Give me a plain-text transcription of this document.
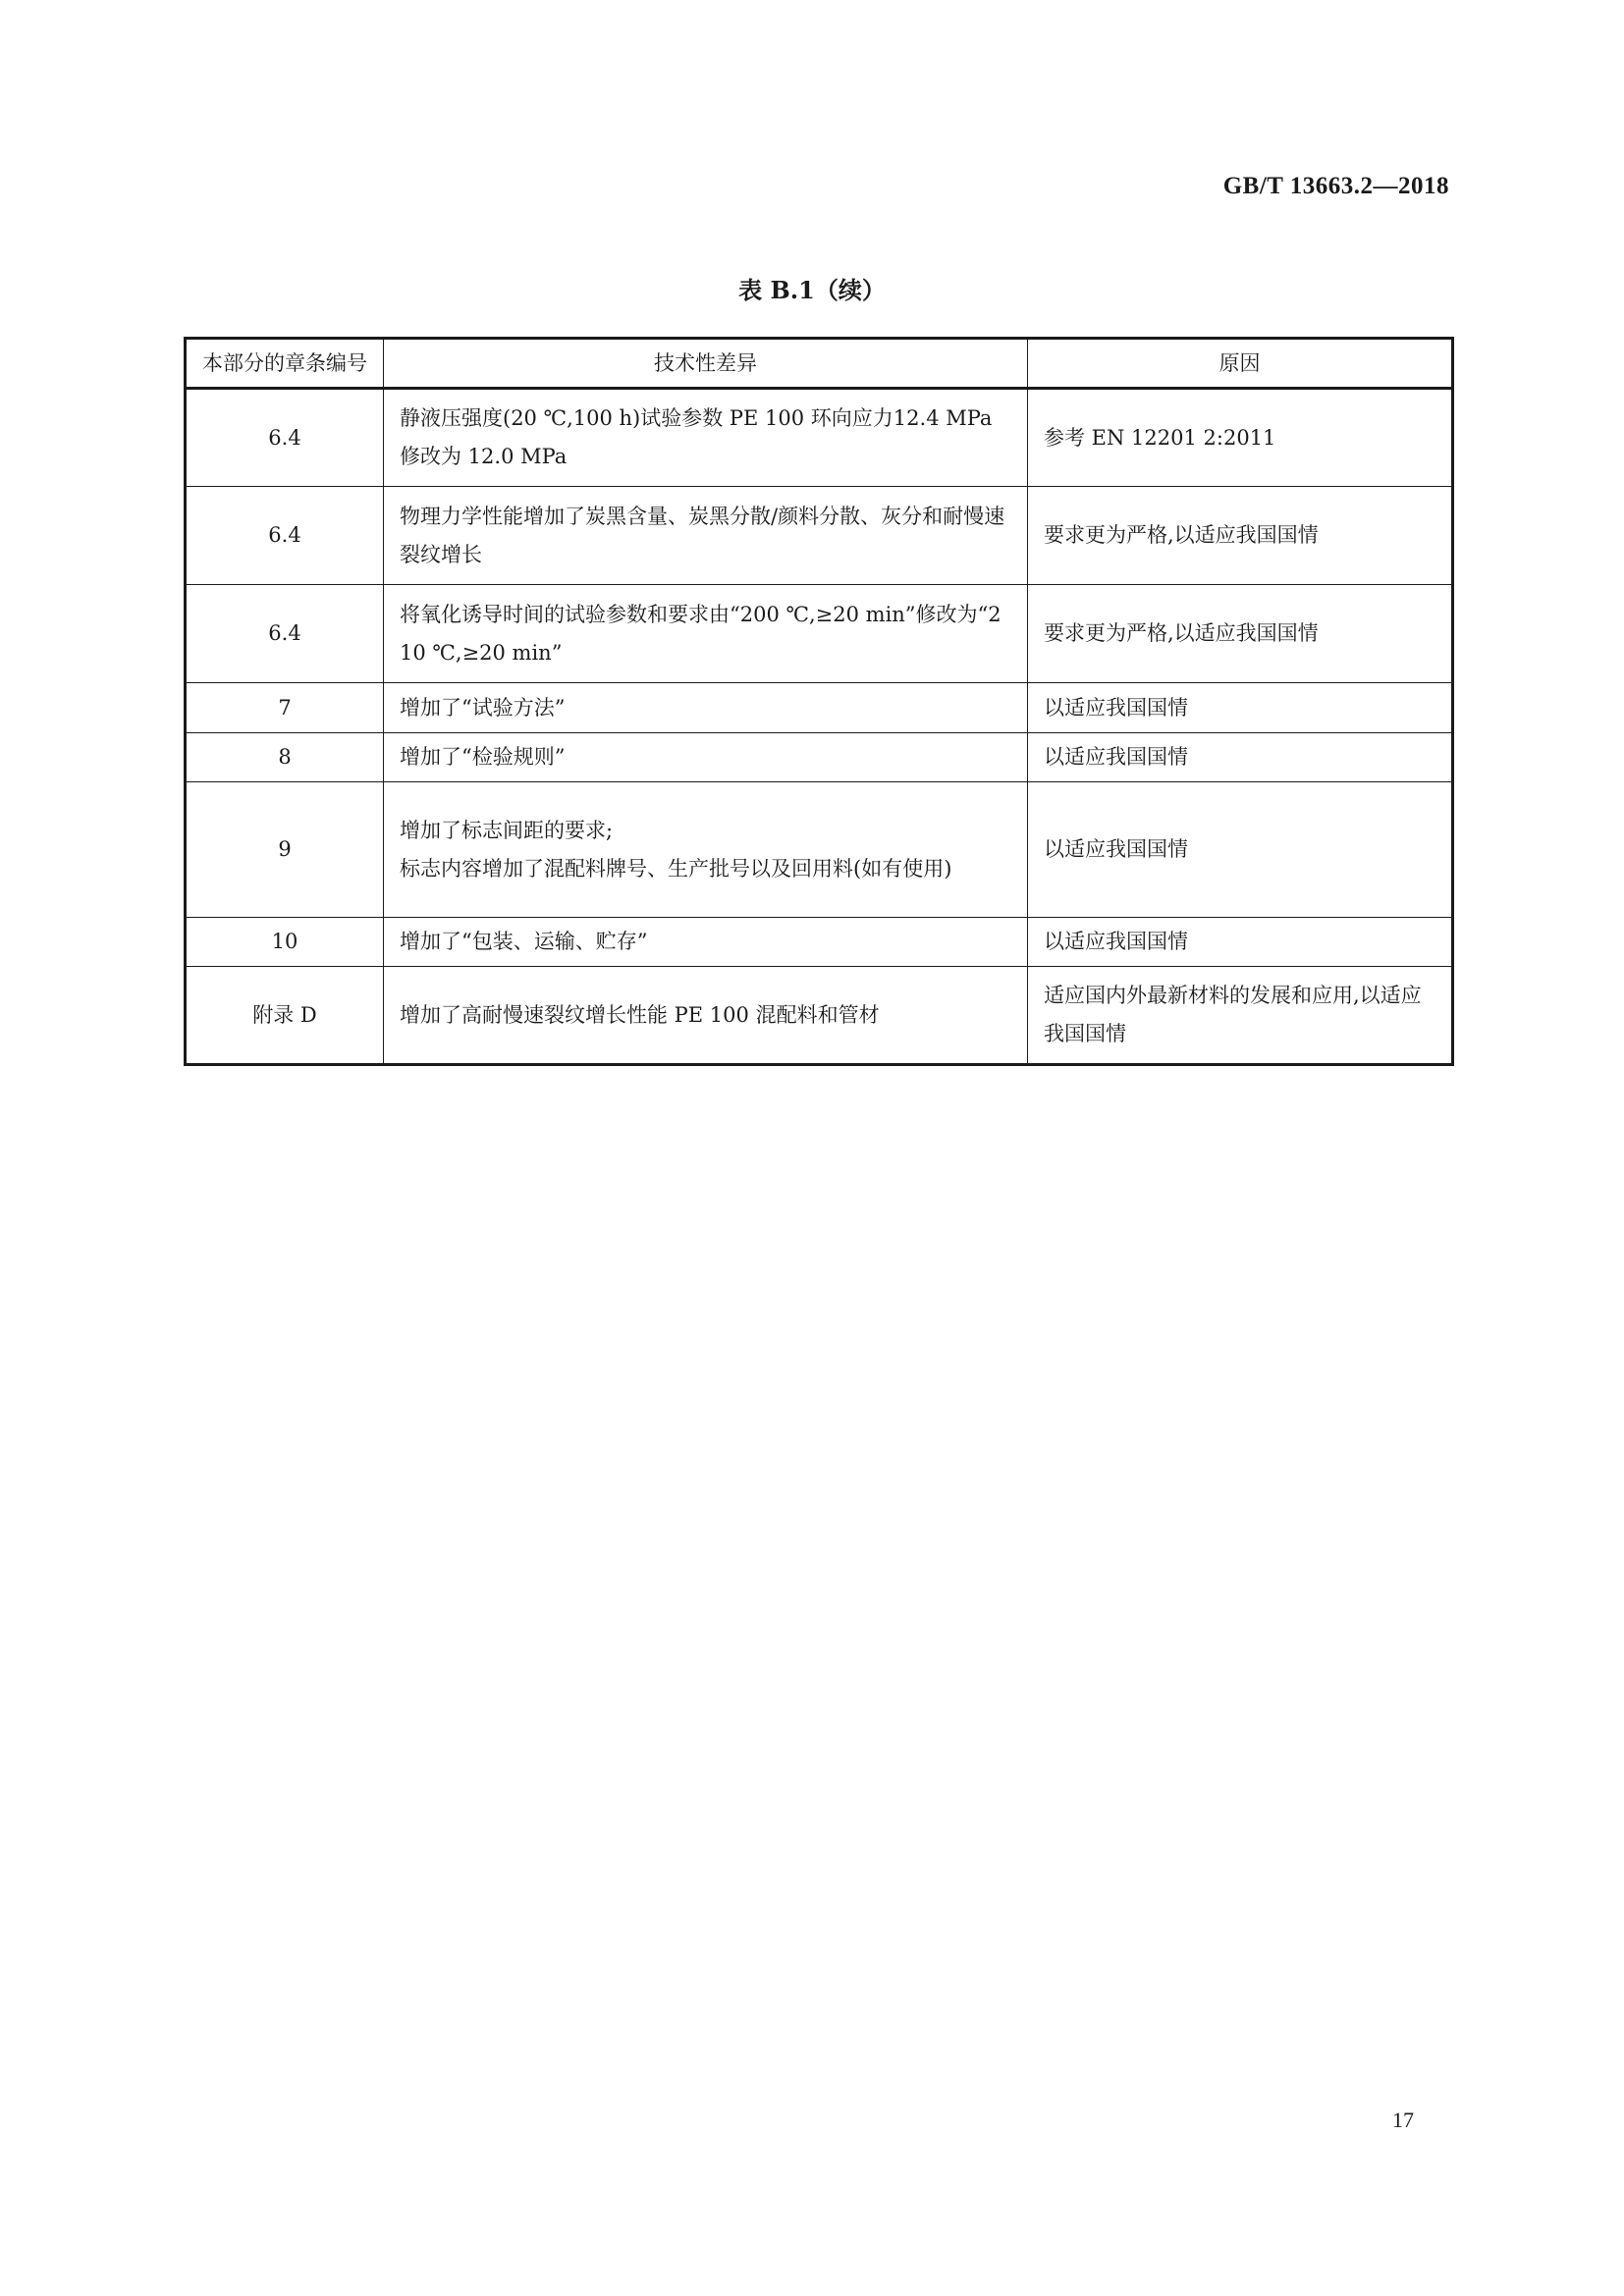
GB/T 13663.2—2018
表 B.1（续）
本部分的章条编号	技术性差异	原因
6.4	静液压强度(20 ℃,100 h)试验参数 PE 100 环向应力12.4 MPa 修改为 12.0 MPa	参考 EN 12201 2:2011
6.4	物理力学性能增加了炭黑含量、炭黑分散/颜料分散、灰分和耐慢速裂纹增长	要求更为严格,以适应我国国情
6.4	将氧化诱导时间的试验参数和要求由“200 ℃,≥20 min”修改为“210 ℃,≥20 min”	要求更为严格,以适应我国国情
7	增加了“试验方法”	以适应我国国情
8	增加了“检验规则”	以适应我国国情
9	增加了标志间距的要求;
标志内容增加了混配料牌号、生产批号以及回用料(如有使用)	以适应我国国情
10	增加了“包装、运输、贮存”	以适应我国国情
附录 D	增加了高耐慢速裂纹增长性能 PE 100 混配料和管材	适应国内外最新材料的发展和应用,以适应我国国情
17
